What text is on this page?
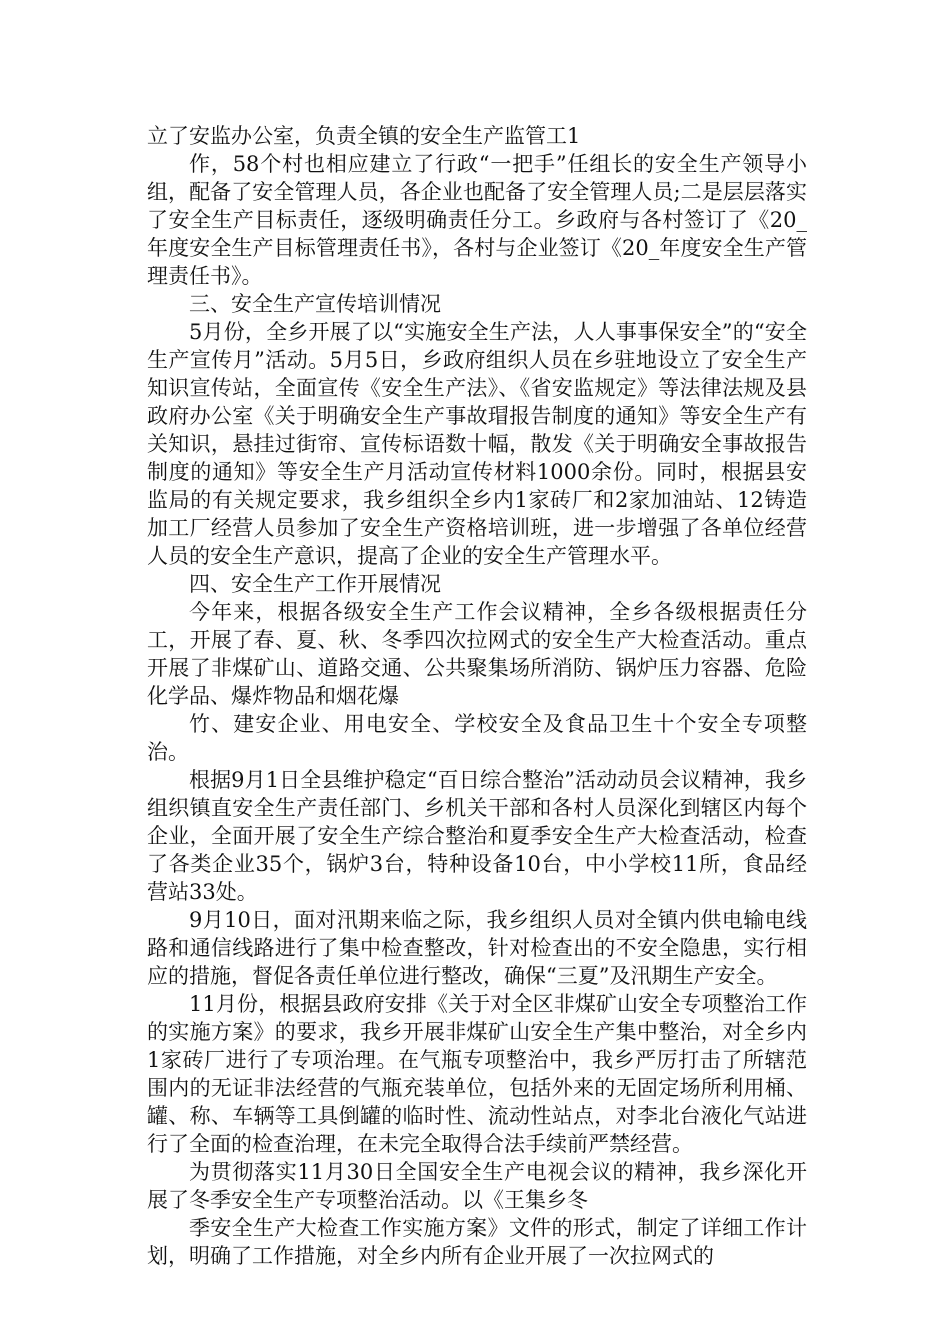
立了安监办公室，负责全镇的安全生产监管工1

作，58个村也相应建立了行政“一把手”任组长的安全生产领导小组，配备了安全管理人员，各企业也配备了安全管理人员;二是层层落实了安全生产目标责任，逐级明确责任分工。乡政府与各村签订了《20_年度安全生产目标管理责任书》，各村与企业签订《20_年度安全生产管理责任书》。

三、安全生产宣传培训情况

5月份，全乡开展了以“实施安全生产法，人人事事保安全”的“安全生产宣传月”活动。5月5日，乡政府组织人员在乡驻地设立了安全生产知识宣传站，全面宣传《安全生产法》、《省安监规定》等法律法规及县政府办公室《关于明确安全生产事故瑁报告制度的通知》等安全生产有关知识，悬挂过街帘、宣传标语数十幅，散发《关于明确安全事故报告制度的通知》等安全生产月活动宣传材料1000余份。同时，根据县安监局的有关规定要求，我乡组织全乡内1家砖厂和2家加油站、12铸造加工厂经营人员参加了安全生产资格培训班，进一步增强了各单位经营人员的安全生产意识，提高了企业的安全生产管理水平。

四、安全生产工作开展情况

今年来，根据各级安全生产工作会议精神，全乡各级根据责任分工，开展了春、夏、秋、冬季四次拉网式的安全生产大检查活动。重点开展了非煤矿山、道路交通、公共聚集场所消防、锅炉压力容器、危险化学品、爆炸物品和烟花爆

竹、建安企业、用电安全、学校安全及食品卫生十个安全专项整治。

根据9月1日全县维护稳定“百日综合整治”活动动员会议精神，我乡组织镇直安全生产责任部门、乡机关干部和各村人员深化到辖区内每个企业，全面开展了安全生产综合整治和夏季安全生产大检查活动，检查了各类企业35个，锅炉3台，特种设备10台，中小学校11所，食品经营站33处。

9月10日，面对汛期来临之际，我乡组织人员对全镇内供电输电线路和通信线路进行了集中检查整改，针对检查出的不安全隐患，实行相应的措施，督促各责任单位进行整改，确保“三夏”及汛期生产安全。

11月份，根据县政府安排《关于对全区非煤矿山安全专项整治工作的实施方案》的要求，我乡开展非煤矿山安全生产集中整治，对全乡内1家砖厂进行了专项治理。在气瓶专项整治中，我乡严厉打击了所辖范围内的无证非法经营的气瓶充装单位，包括外来的无固定场所利用桶、罐、称、车辆等工具倒罐的临时性、流动性站点，对李北台液化气站进行了全面的检查治理，在未完全取得合法手续前严禁经营。

为贯彻落实11月30日全国安全生产电视会议的精神，我乡深化开展了冬季安全生产专项整治活动。以《王集乡冬

季安全生产大检查工作实施方案》文件的形式，制定了详细工作计划，明确了工作措施，对全乡内所有企业开展了一次拉网式的
